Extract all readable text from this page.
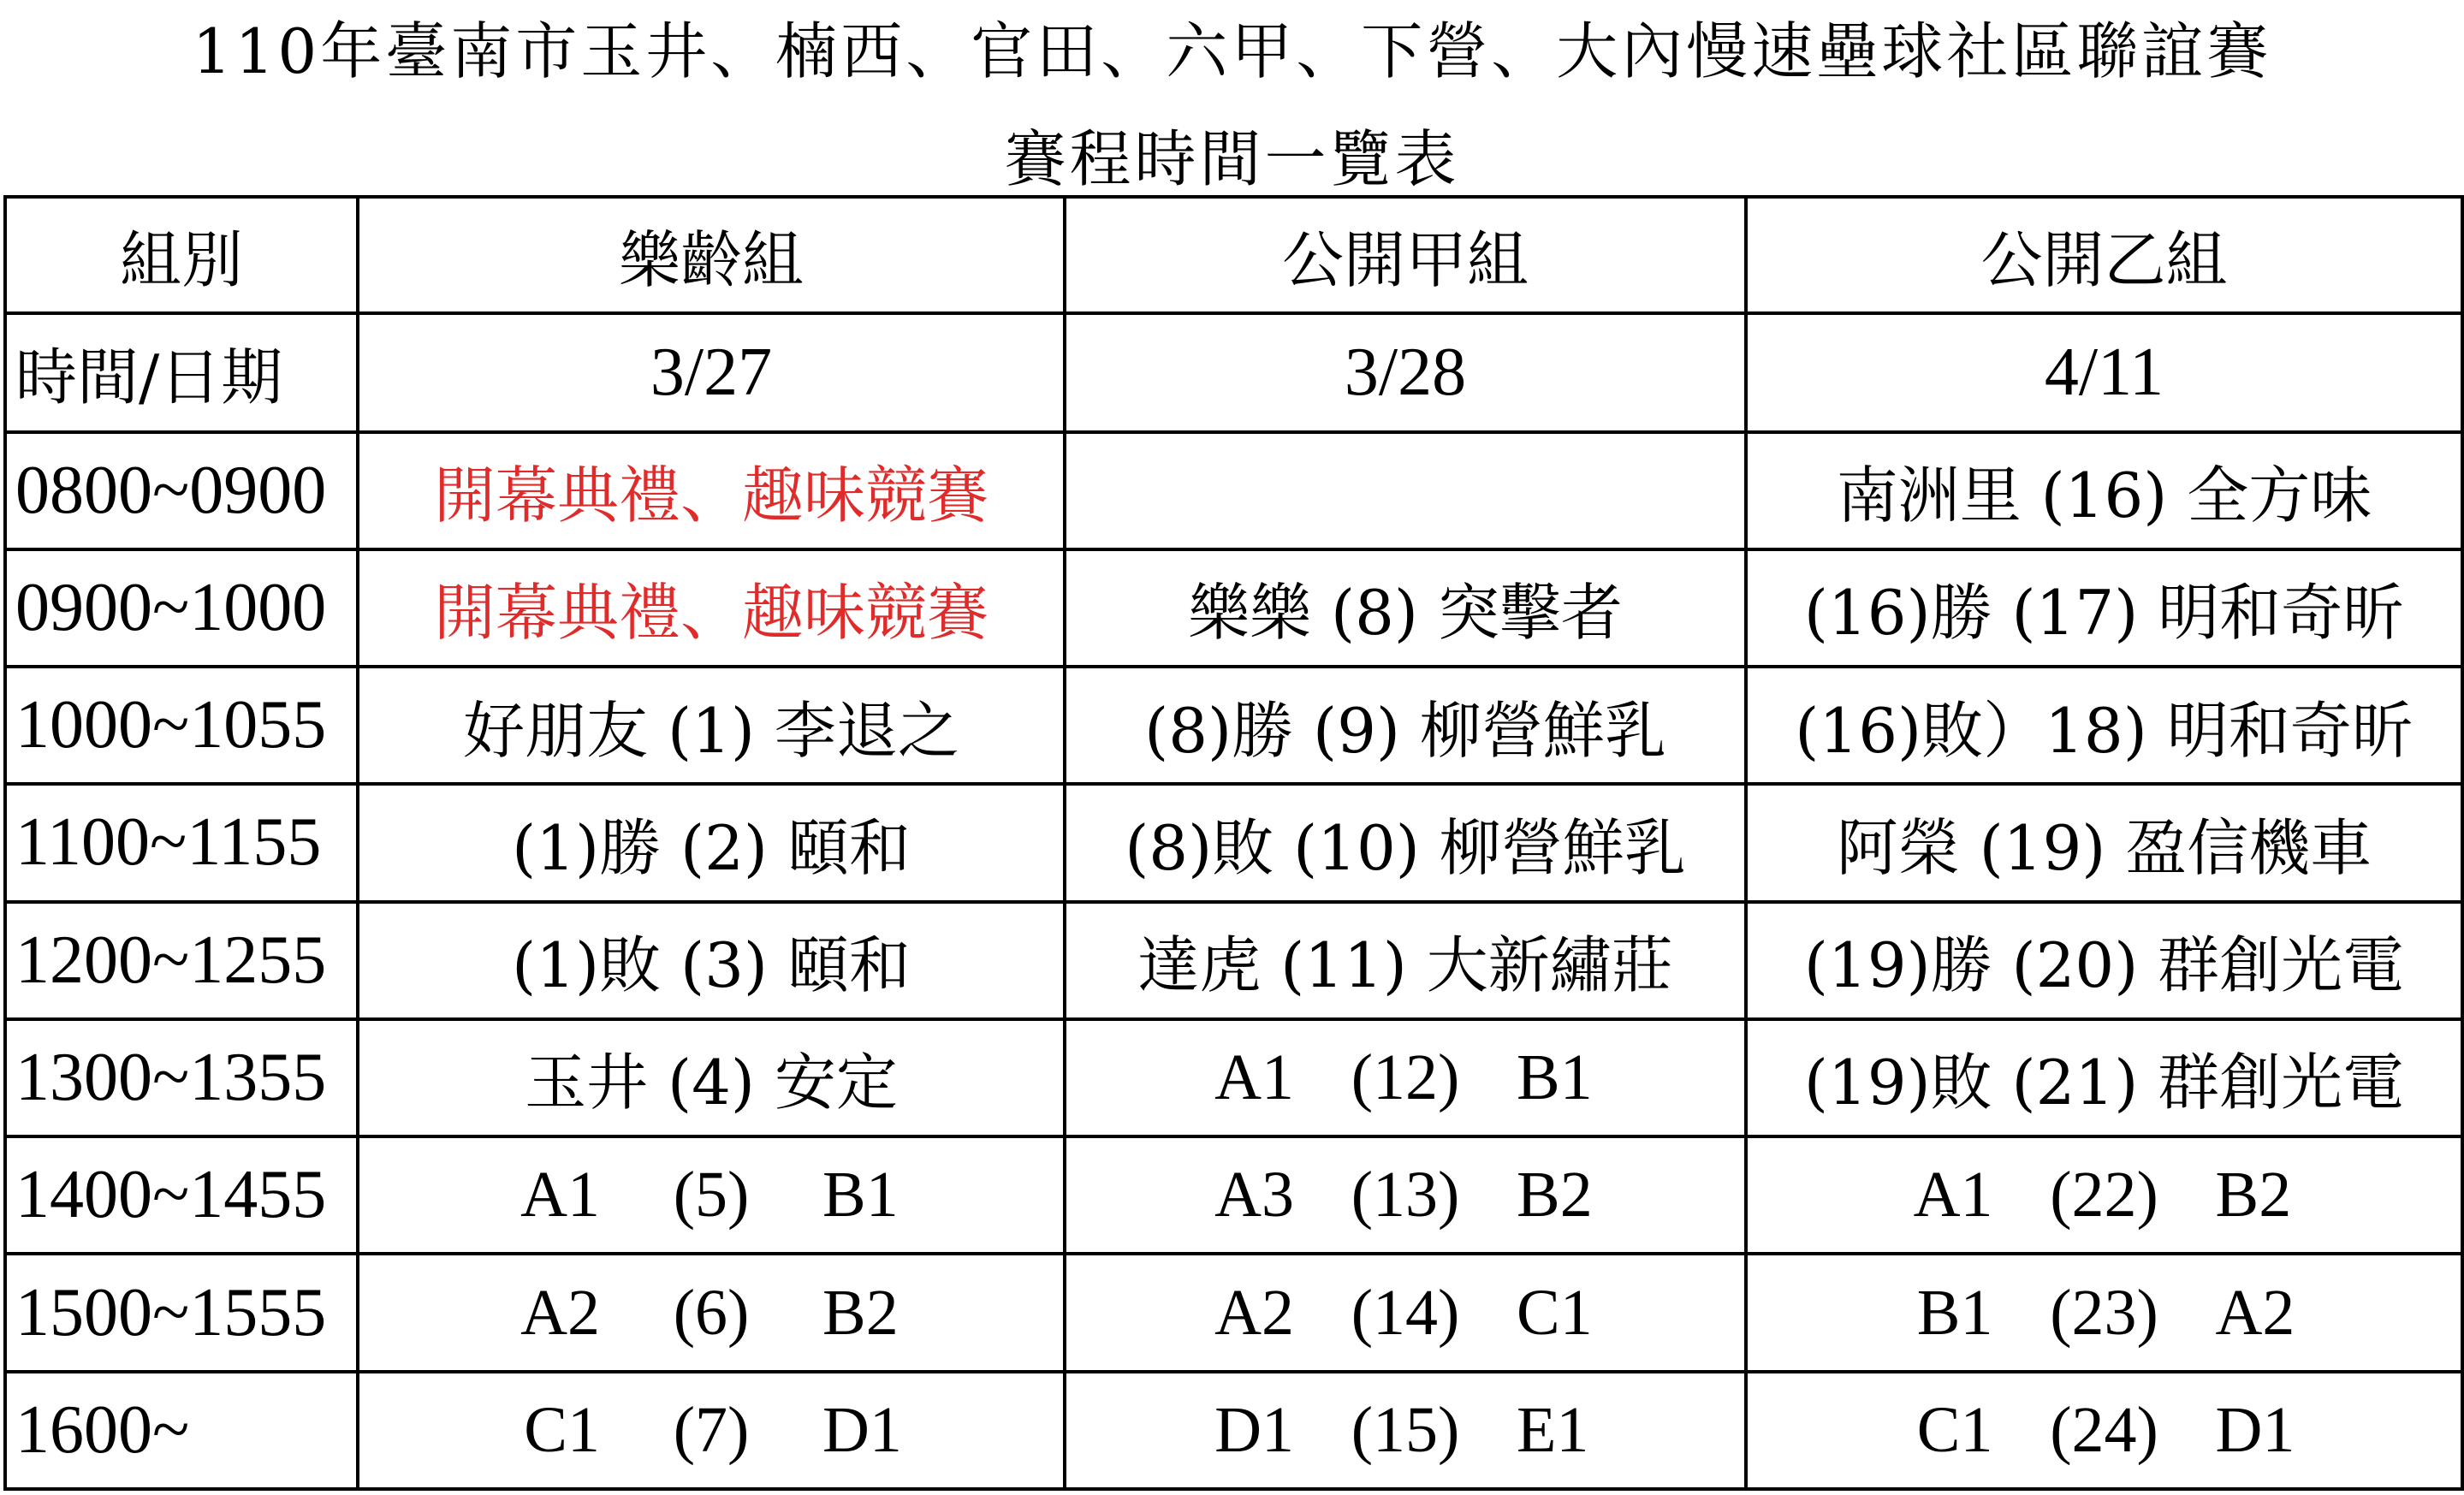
110年臺南市玉井、楠西、官田、六甲、下營、大內慢速壘球社區聯誼賽
賽程時間一覽表
組別	樂齡組	公開甲組	公開乙組
時間/日期	3/27	3/28	4/11
0800~0900	開幕典禮、趣味競賽		南洲里 (16) 全方味
0900~1000	開幕典禮、趣味競賽	樂樂 (8) 突擊者	(16)勝 (17) 明和奇昕
1000~1055	好朋友 (1) 李退之	(8)勝 (9) 柳營鮮乳	(16)敗）18) 明和奇昕
1100~1155	(1)勝 (2) 頤和	(8)敗 (10) 柳營鮮乳	阿榮 (19) 盈信機車
1200~1255	(1)敗 (3) 頤和	達虎 (11) 大新繡莊	(19)勝 (20) 群創光電
1300~1355	玉井 (4) 安定	A1 (12) B1	(19)敗 (21) 群創光電
1400~1455	A1 (5) B1	A3 (13) B2	A1 (22) B2

1500~1555	A2 (6) B2	A2 (14) C1	B1 (23) A2

1600~	C1 (7) D1	D1 (15) E1	C1 (24) D1
